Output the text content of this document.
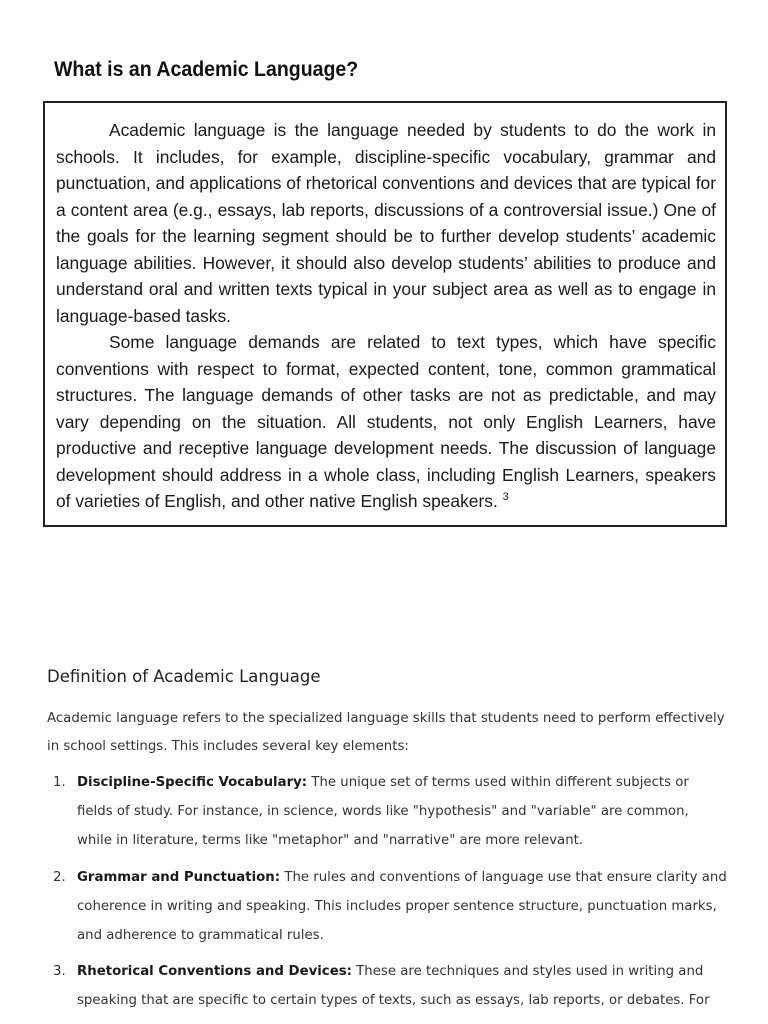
What is an Academic Language?

Academic language is the language needed by students to do the work in schools. It includes, for example, discipline-specific vocabulary, grammar and punctuation, and applications of rhetorical conventions and devices that are typical for a content area (e.g., essays, lab reports, discussions of a controversial issue.) One of the goals for the learning segment should be to further develop students’ academic language abilities. However, it should also develop students’ abilities to produce and understand oral and written texts typical in your subject area as well as to engage in language-based tasks.

Some language demands are related to text types, which have specific conventions with respect to format, expected content, tone, common grammatical structures. The language demands of other tasks are not as predictable, and may vary depending on the situation. All students, not only English Learners, have productive and receptive language development needs. The discussion of language development should address in a whole class, including English Learners, speakers of varieties of English, and other native English speakers. $^3$

Definition of Academic Language
Academic language refers to the specialized language skills that students need to perform effectively in school settings. This includes several key elements:
1. Discipline-Specific Vocabulary: The unique set of terms used within different subjects or fields of study. For instance, in science, words like "hypothesis" and "variable" are common, while in literature, terms like "metaphor" and "narrative" are more relevant.
2. Grammar and Punctuation: The rules and conventions of language use that ensure clarity and coherence in writing and speaking. This includes proper sentence structure, punctuation marks, and adherence to grammatical rules.
3. Rhetorical Conventions and Devices: These are techniques and styles used in writing and speaking that are specific to certain types of texts, such as essays, lab reports, or debates. For
